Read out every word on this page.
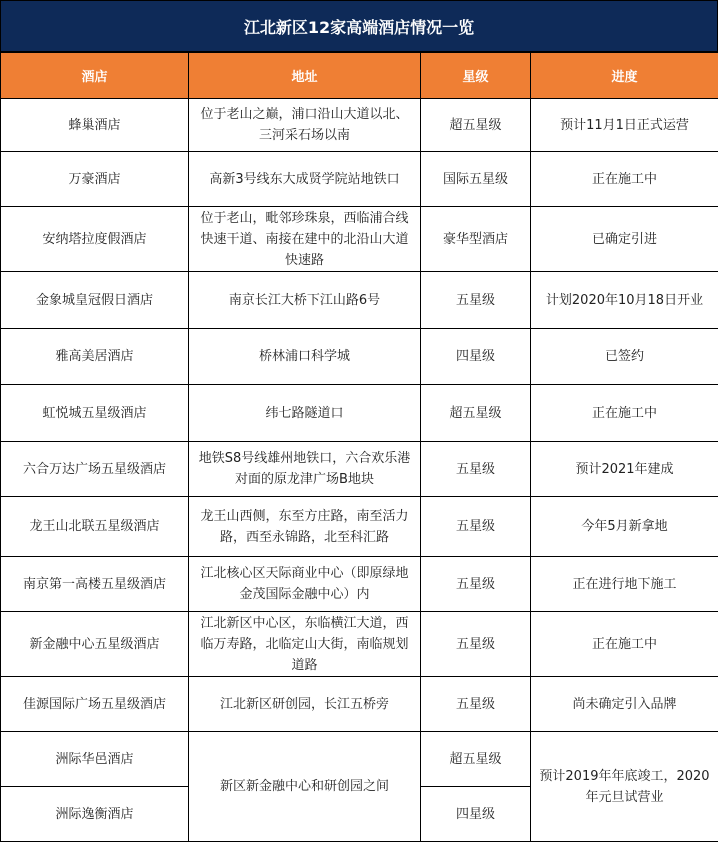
江北新区12家高端酒店情况一览
酒店	地址	星级	进度
蜂巢酒店	位于老山之巅，浦口沿山大道以北、三河采石场以南	超五星级	预计11月1日正式运营
万豪酒店	高新3号线东大成贤学院站地铁口	国际五星级	正在施工中
安纳塔拉度假酒店	位于老山，毗邻珍珠泉，西临浦合线快速干道、南接在建中的北沿山大道快速路	豪华型酒店	已确定引进
金象城皇冠假日酒店	南京长江大桥下江山路6号	五星级	计划2020年10月18日开业
雅高美居酒店	桥林浦口科学城	四星级	已签约
虹悦城五星级酒店	纬七路隧道口	超五星级	正在施工中
六合万达广场五星级酒店	地铁S8号线雄州地铁口，六合欢乐港对面的原龙津广场B地块	五星级	预计2021年建成
龙王山北联五星级酒店	龙王山西侧，东至方庄路，南至活力路，西至永锦路，北至科汇路	五星级	今年5月新拿地
南京第一高楼五星级酒店	江北核心区天际商业中心（即原绿地金茂国际金融中心）内	五星级	正在进行地下施工
新金融中心五星级酒店	江北新区中心区，东临横江大道，西临万寿路，北临定山大街，南临规划道路	五星级	正在施工中
佳源国际广场五星级酒店	江北新区研创园，长江五桥旁	五星级	尚未确定引入品牌
洲际华邑酒店	新区新金融中心和研创园之间	超五星级	预计2019年年底竣工，2020年元旦试营业
洲际逸衡酒店		四星级	
